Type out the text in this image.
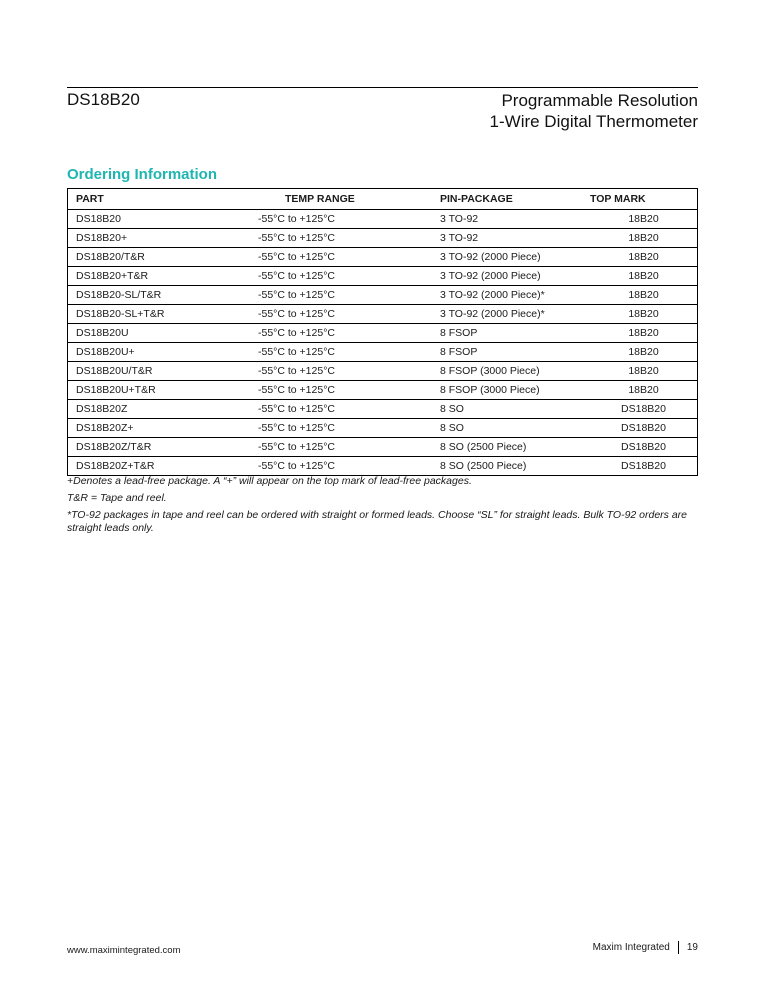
DS18B20	Programmable Resolution
1-Wire Digital Thermometer
Ordering Information
PART	TEMP RANGE	PIN-PACKAGE	TOP MARK
DS18B20	-55°C to +125°C	3 TO-92	18B20
DS18B20+	-55°C to +125°C	3 TO-92	18B20
DS18B20/T&R	-55°C to +125°C	3 TO-92 (2000 Piece)	18B20
DS18B20+T&R	-55°C to +125°C	3 TO-92 (2000 Piece)	18B20
DS18B20-SL/T&R	-55°C to +125°C	3 TO-92 (2000 Piece)*	18B20
DS18B20-SL+T&R	-55°C to +125°C	3 TO-92 (2000 Piece)*	18B20
DS18B20U	-55°C to +125°C	8 FSOP	18B20
DS18B20U+	-55°C to +125°C	8 FSOP	18B20
DS18B20U/T&R	-55°C to +125°C	8 FSOP (3000 Piece)	18B20
DS18B20U+T&R	-55°C to +125°C	8 FSOP (3000 Piece)	18B20
DS18B20Z	-55°C to +125°C	8 SO	DS18B20
DS18B20Z+	-55°C to +125°C	8 SO	DS18B20
DS18B20Z/T&R	-55°C to +125°C	8 SO (2500 Piece)	DS18B20
DS18B20Z+T&R	-55°C to +125°C	8 SO (2500 Piece)	DS18B20

+Denotes a lead-free package. A “+” will appear on the top mark of lead-free packages.

T&R = Tape and reel.

*TO-92 packages in tape and reel can be ordered with straight or formed leads. Choose “SL” for straight leads. Bulk TO-92 orders are straight leads only.

www.maximintegrated.com	Maxim Integrated 19
